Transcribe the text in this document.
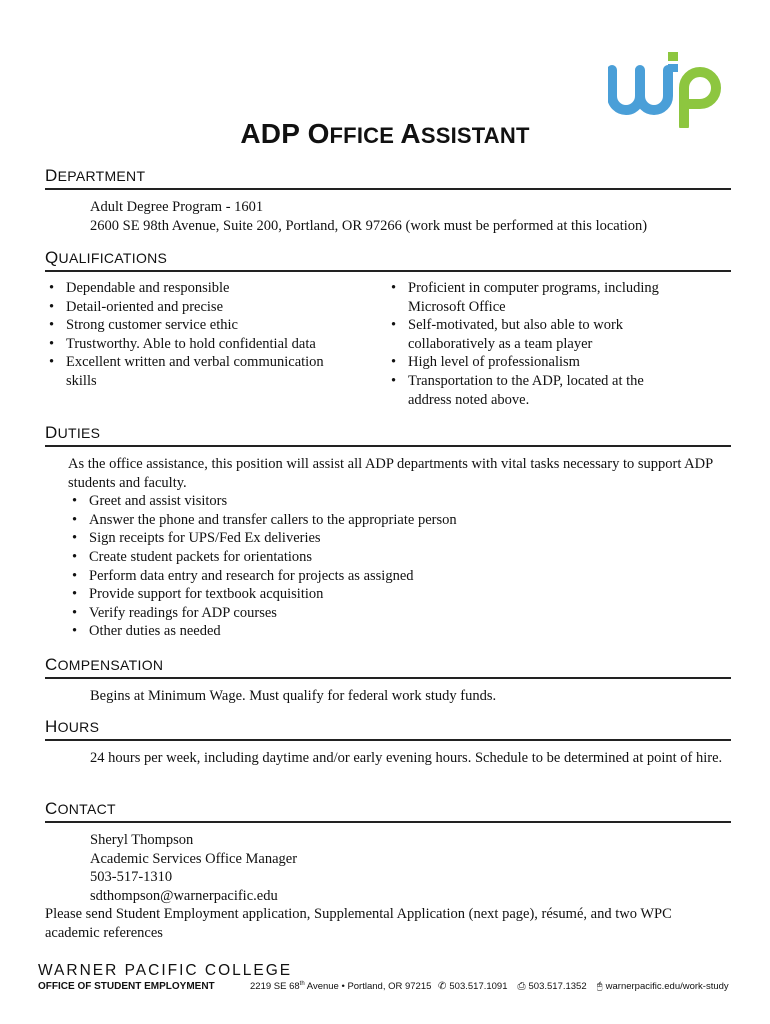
ADP OFFICE ASSISTANT
DEPARTMENT
Adult Degree Program - 1601
2600 SE 98th Avenue, Suite 200, Portland, OR 97266 (work must be performed at this location)
QUALIFICATIONS
• Dependable and responsible
• Detail-oriented and precise
• Strong customer service ethic
• Trustworthy. Able to hold confidential data
• Excellent written and verbal communication skills
• Proficient in computer programs, including Microsoft Office
• Self-motivated, but also able to work collaboratively as a team player
• High level of professionalism
• Transportation to the ADP, located at the address noted above.
DUTIES
As the office assistance, this position will assist all ADP departments with vital tasks necessary to support ADP students and faculty.
• Greet and assist visitors
• Answer the phone and transfer callers to the appropriate person
• Sign receipts for UPS/Fed Ex deliveries
• Create student packets for orientations
• Perform data entry and research for projects as assigned
• Provide support for textbook acquisition
• Verify readings for ADP courses
• Other duties as needed
COMPENSATION
Begins at Minimum Wage. Must qualify for federal work study funds.
HOURS
24 hours per week, including daytime and/or early evening hours. Schedule to be determined at point of hire.
CONTACT
Sheryl Thompson
Academic Services Office Manager
503-517-1310
sdthompson@warnerpacific.edu
Please send Student Employment application, Supplemental Application (next page), résumé, and two WPC academic references
WARNER PACIFIC COLLEGE
OFFICE OF STUDENT EMPLOYMENT	2219 SE 68th Avenue • Portland, OR 97215 ✆ 503.517.1091 ⎙ 503.517.1352 🖰 warnerpacific.edu/work-study
